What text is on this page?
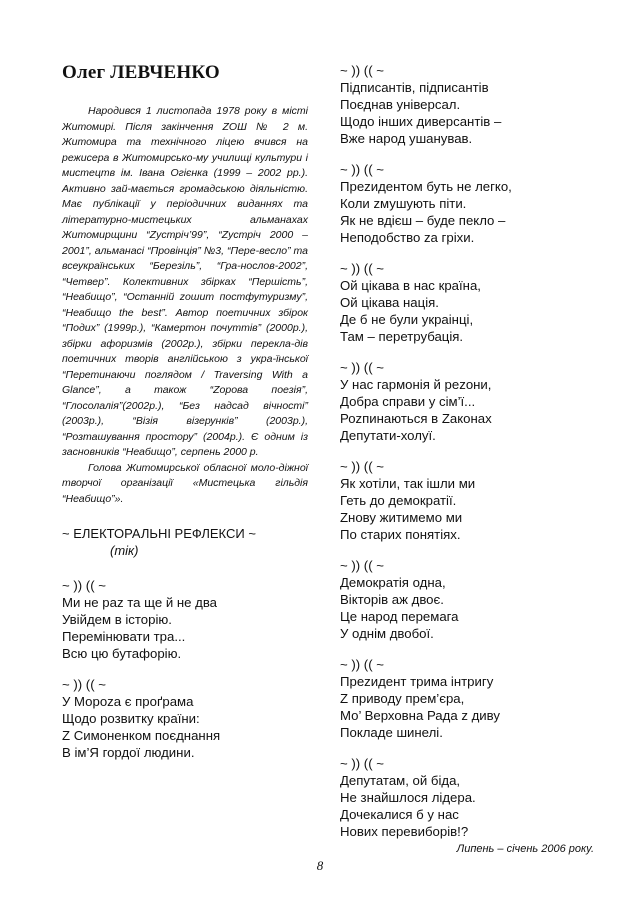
Олег ЛЕВЧЕНКО

Народився 1 листопада 1978 року в місті Житомирі. Після закінчення ZОШ № 2 м. Житомира та технічного ліцею вчився на режисера в Житомирсько-му училищі культури і мистецтв ім. Івана Огієнка (1999 – 2002 рр.). Активно зай-мається громадською діяльністю. Має публікації у періодичних виданнях та літературно-мистецьких альманахах Житомирщини “Zустріч’99”, “Zустріч 2000 – 2001”, альманасі “Провінція” №3, “Пере-весло” та всеукраїнських “Березіль”, “Гра-нослов-2002”, “Четвер”. Колективних збірках “Першість”, “Неабищо”, “Останній zошит постфутуризму”, “Неабищо the best”. Автор поетичних збірок “Подих” (1999р.), “Камертон почуттів” (2000р.), збірки афоризмів (2002р.), збірки переклa-дів поетичних творів англійською з укра-їнської “Перетинаючи поглядом / Traversing With a Glance”, а також “Zорова поезія”, “Глосолалія”(2002р.), “Без надсад вічності” (2003р.), “Візія візерунків” (2003р.), “Розташування простору” (2004р.). Є одним із засновників “Неабищо”, серпень 2000 р.

Голова Житомирської обласної моло-діжної творчої організації «Мистецька гільдія “Неабищо”».

~ ЕЛЕКТОРАЛЬНІ РЕФЛЕКСИ ~
(тік)
~ )) (( ~
Ми не раz та ще й не два
Увійдем в історію.
Перемінювати тра...
Всю цю бутафорію.
~ )) (( ~
У Мороzа є проґрама
Щодо розвитку країни:
Z Симоненком поєднання
В ім’Я гордої людини.
~ )) (( ~
Підписантів, підписантів
Поєднав універсал.
Щодо інших диверсантів –
Вже народ ушанував.
~ )) (( ~
Преzидентом буть не легко,
Коли zмушують піти.
Як не вдієш – буде пекло –
Неподобство zа гріхи.
~ )) (( ~
Ой цікава в нас країна,
Ой цікава нація.
Де б не були украінці,
Там – перетрубація.
~ )) (( ~
У нас гармонія й реzони,
Добра справи у сім’ї...
Роzпинаються в Zаконах
Депутати-холуї.
~ )) (( ~
Як хотіли, так ішли ми
Геть до демократії.
Zнову житимемо ми
По старих понятіях.
~ )) (( ~
Демократія одна,
Вікторів аж двоє.
Це народ перемага
У однім двобої.
~ )) (( ~
Преzидент трима інтригу
Z приводу прем’єра,
Мо’ Верховна Рада z диву
Покладе шинелі.
~ )) (( ~
Депутатам, ой біда,
Не знайшлося лідера.
Дочекалися б у нас
Нових перевиборів!?
Липень – січень 2006 року.
8
